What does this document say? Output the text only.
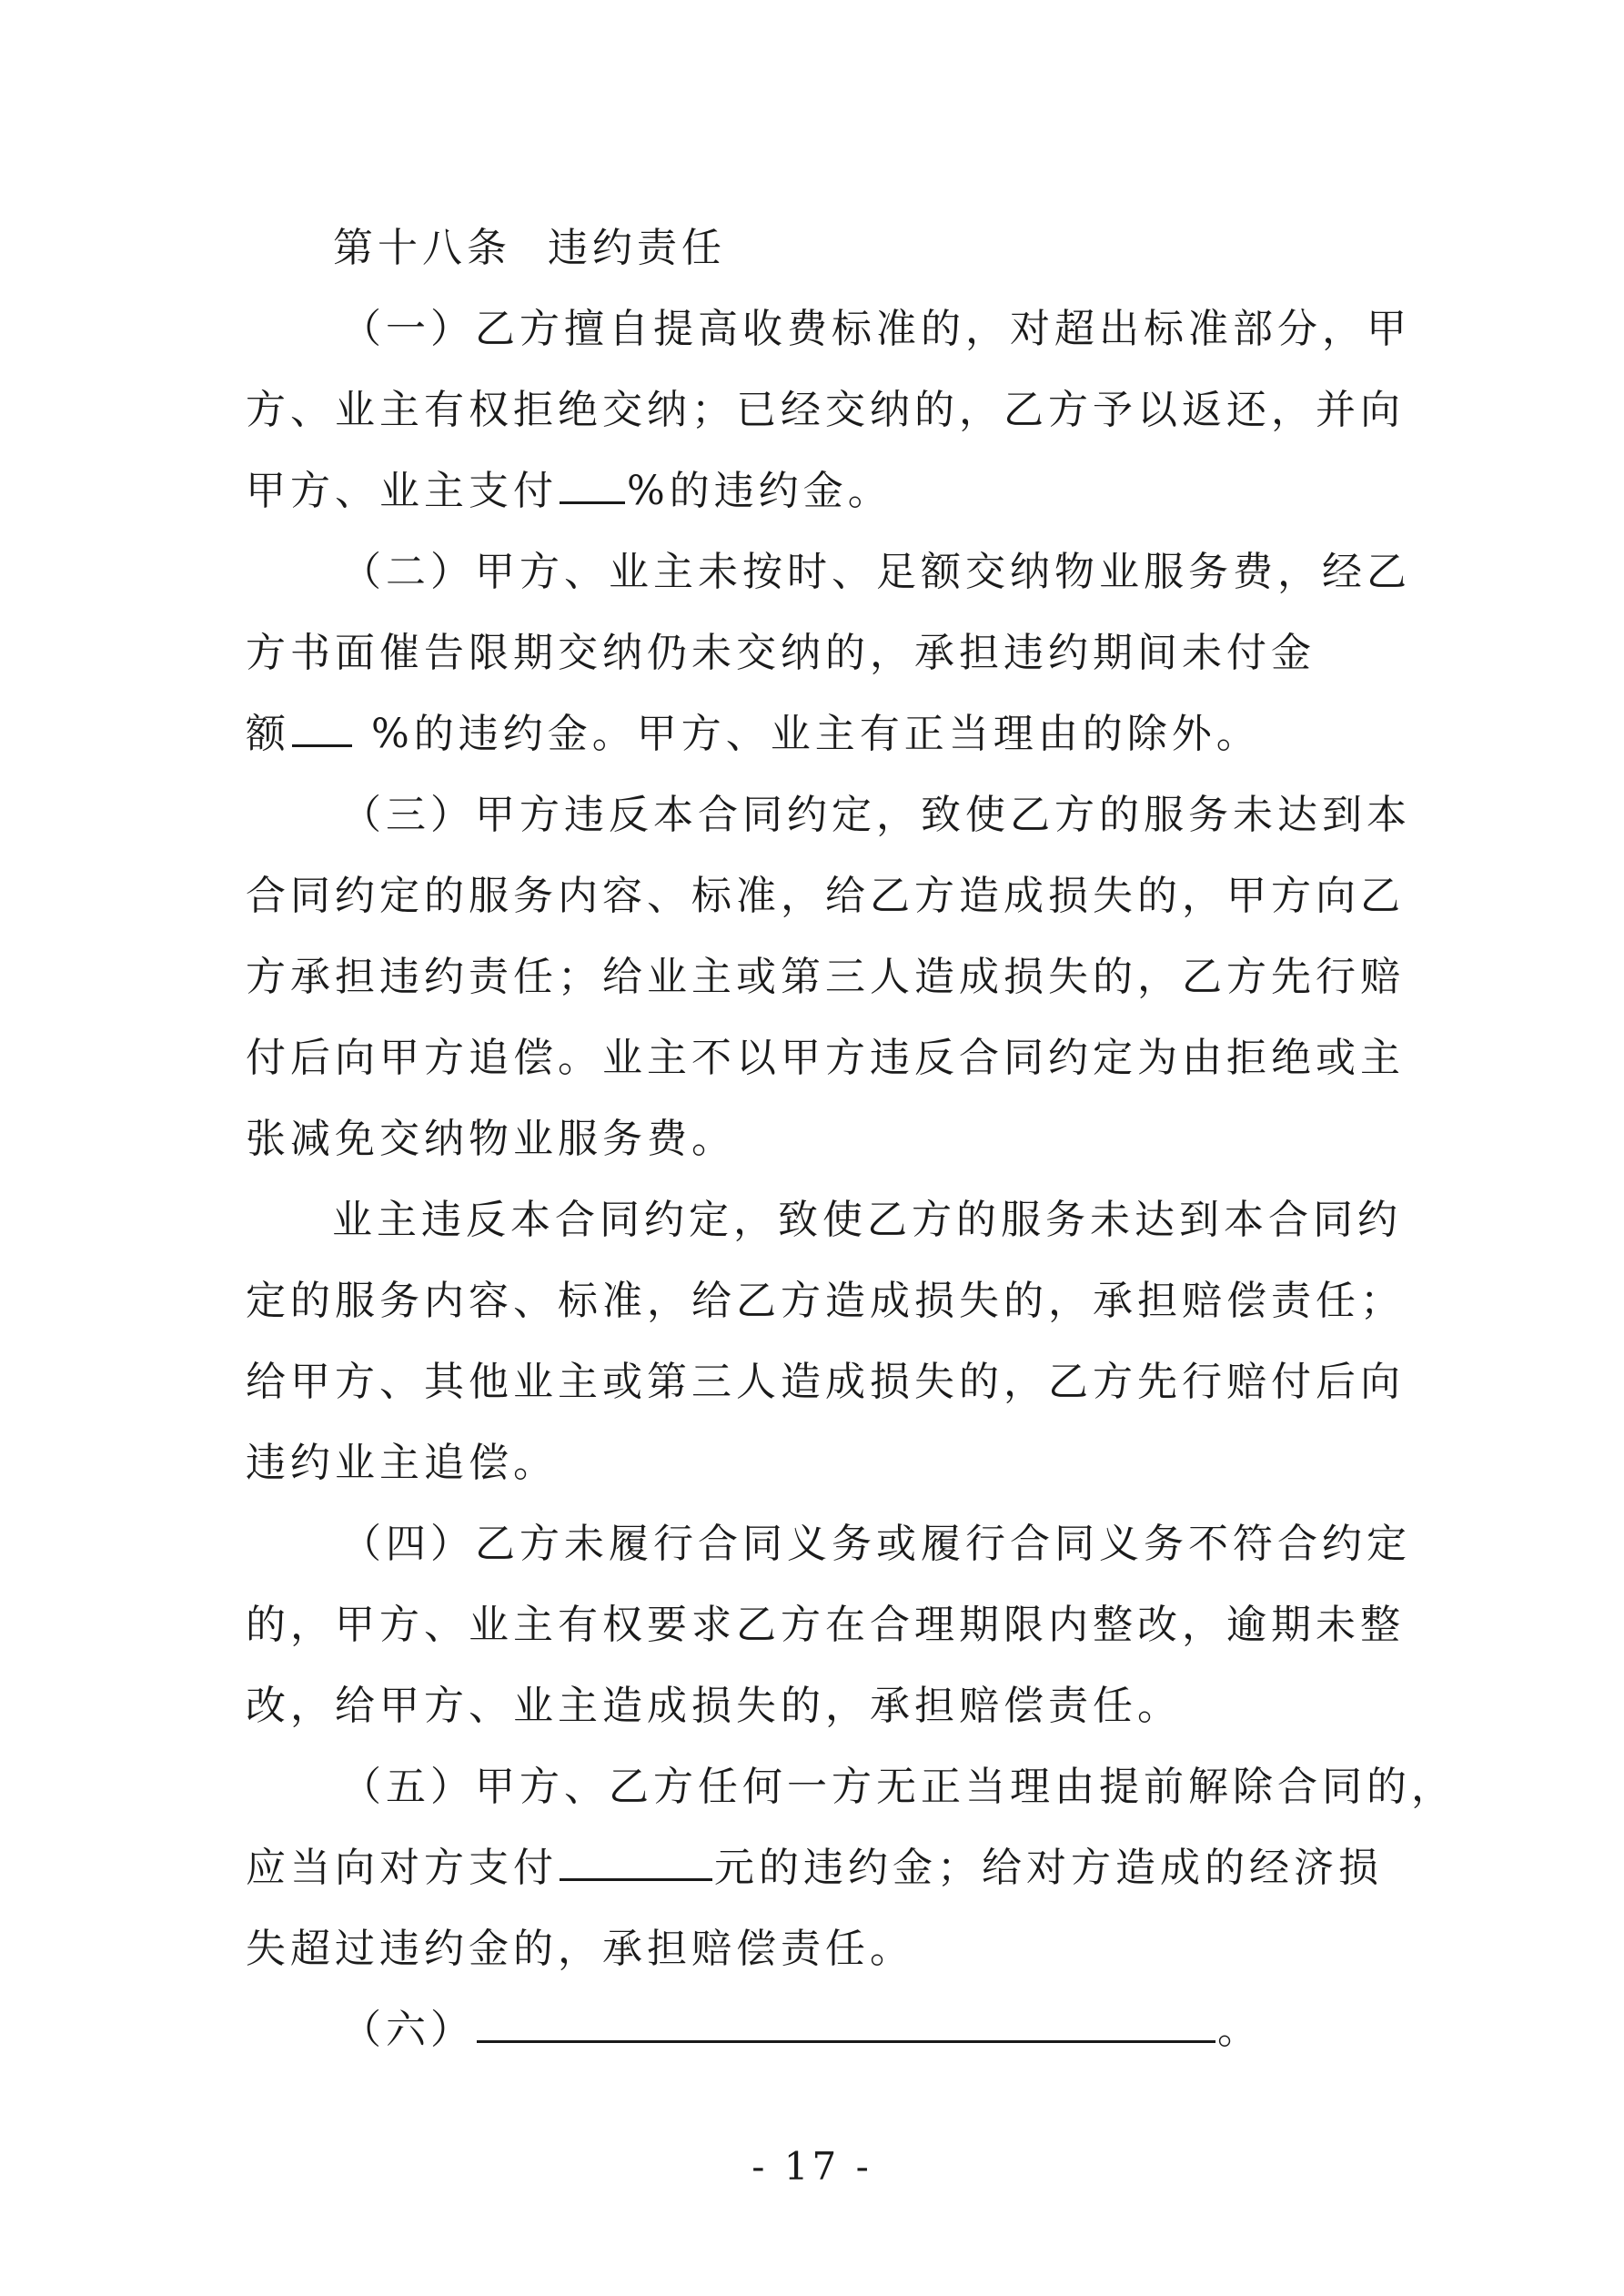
第十八条 违约责任
（一）乙方擅自提高收费标准的，对超出标准部分，甲
方、业主有权拒绝交纳；已经交纳的，乙方予以返还，并向
甲方、业主支付 %的违约金。
（二）甲方、业主未按时、足额交纳物业服务费，经乙
方书面催告限期交纳仍未交纳的，承担违约期间未付金
额 %的违约金。甲方、业主有正当理由的除外。
（三）甲方违反本合同约定，致使乙方的服务未达到本
合同约定的服务内容、标准，给乙方造成损失的，甲方向乙
方承担违约责任；给业主或第三人造成损失的，乙方先行赔
付后向甲方追偿。业主不以甲方违反合同约定为由拒绝或主
张减免交纳物业服务费。
业主违反本合同约定，致使乙方的服务未达到本合同约
定的服务内容、标准，给乙方造成损失的，承担赔偿责任；
给甲方、其他业主或第三人造成损失的，乙方先行赔付后向
违约业主追偿。
（四）乙方未履行合同义务或履行合同义务不符合约定
的，甲方、业主有权要求乙方在合理期限内整改，逾期未整
改，给甲方、业主造成损失的，承担赔偿责任。
（五）甲方、乙方任何一方无正当理由提前解除合同的，
应当向对方支付	元的违约金；给对方造成的经济损
失超过违约金的，承担赔偿责任。
（六）	。
- 17 -
